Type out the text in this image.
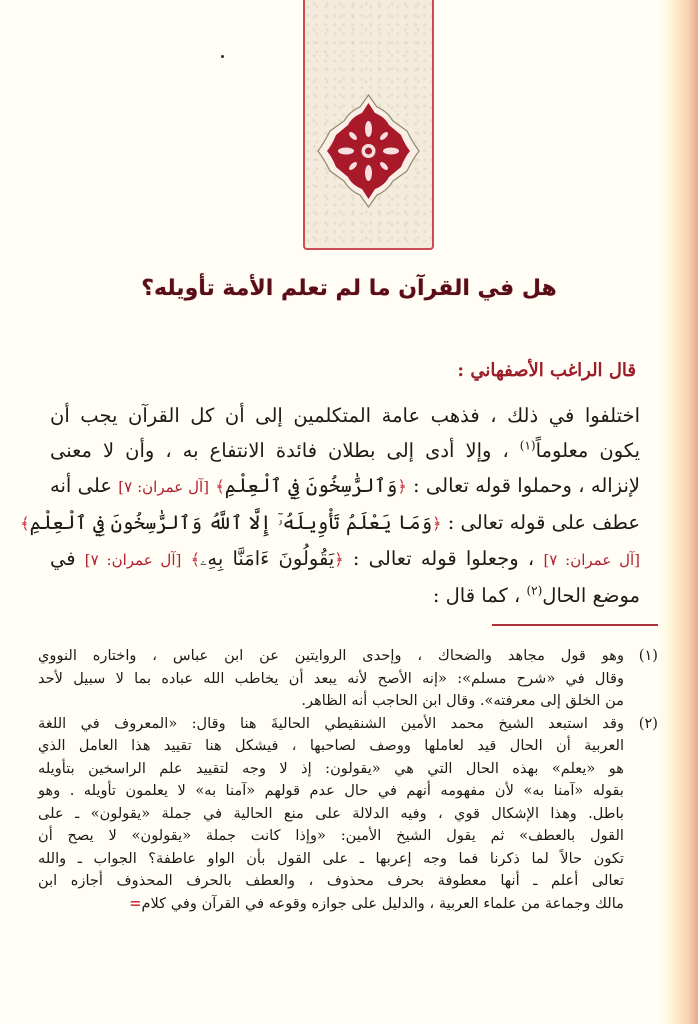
هل في القرآن ما لم تعلم الأمة تأويله؟
قال الراغب الأصفهاني :
اختلفوا في ذلك ، فذهب عامة المتكلمين إلى أن كل القرآن يجب أن
يكون معلوماً$^{(١)}$ ، وإلا أدى إلى بطلان فائدة الانتفاع به ، وأن لا معنى
لإنزاله ، وحملوا قوله تعالى : ﴿وَٱلرَّٰسِخُونَ فِي ٱلْعِلْمِ﴾ [آل عمران: ٧] على أنه
عطف على قوله تعالى : ﴿وَمَا يَعْلَمُ تَأْوِيلَهُۥٓ إِلَّا ٱللَّهُ وَٱلرَّٰسِخُونَ فِي ٱلْعِلْمِ﴾
[آل عمران: ٧] ، وجعلوا قوله تعالى : ﴿يَقُولُونَ ءَامَنَّا بِهِۦ﴾ [آل عمران: ٧] في
موضع الحال$^{(٢)}$ ، كما قال :
(١)
وهو قول مجاهد والضحاك ، وإحدى الروايتين عن ابن عباس ، واختاره النووي
وقال في «شرح مسلم»: «إنه الأصح لأنه يبعد أن يخاطب الله عباده بما لا سبيل لأحد
من الخلق إلى معرفته». وقال ابن الحاجب أنه الظاهر.
(٢)
وقد استبعد الشيخ محمد الأمين الشنقيطي الحاليةَ هنا وقال: «المعروف في اللغة
العربية أن الحال قيد لعاملها ووصف لصاحبها ، فيشكل هنا تقييد هذا العامل الذي
هو «يعلم» بهذه الحال التي هي «يقولون: إذ لا وجه لتقييد علم الراسخين بتأويله
بقوله «آمنا به» لأن مفهومه أنهم في حال عدم قولهم «آمنا به» لا يعلمون تأويله . وهو
باطل. وهذا الإشكال قوي ، وفيه الدلالة على منع الحالية في جملة «يقولون» ـ على
القول بالعطف» ثم يقول الشيخ الأمين: «وإذا كانت جملة «يقولون» لا يصح أن
تكون حالاً لما ذكرنا فما وجه إعربها ـ على القول بأن الواو عاطفة؟ الجواب ـ والله
تعالى أعلم ـ أنها معطوفة بحرف محذوف ، والعطف بالحرف المحذوف أجازه ابن
مالك وجماعة من علماء العربية ، والدليل على جوازه وقوعه في القرآن وفي كلام=
